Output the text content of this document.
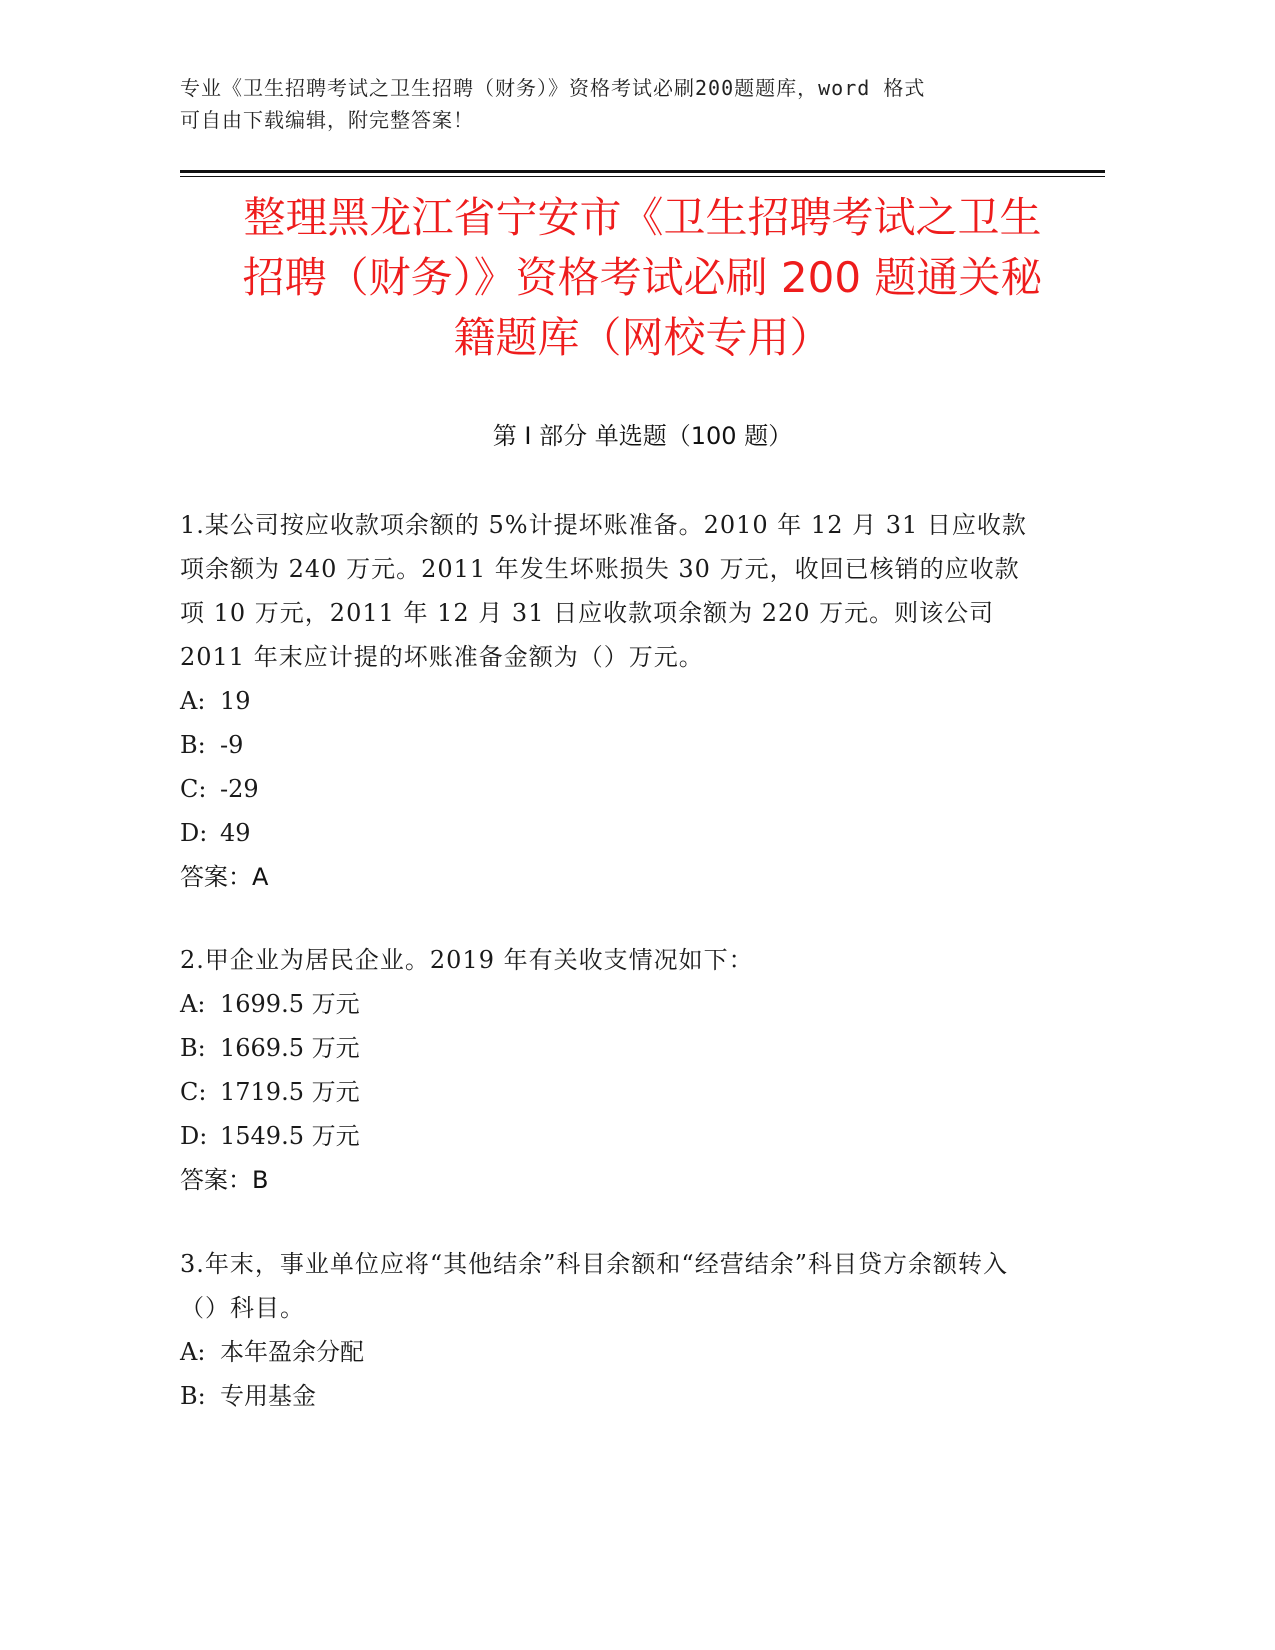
专业《卫生招聘考试之卫生招聘（财务）》资格考试必刷200题题库，word 格式
可自由下载编辑，附完整答案！
整理黑龙江省宁安市《卫生招聘考试之卫生
招聘（财务）》资格考试必刷 200 题通关秘
籍题库（网校专用）
第 I 部分 单选题（100 题）

1.某公司按应收款项余额的 5%计提坏账准备。2010 年 12 月 31 日应收款项余额为 240 万元。2011 年发生坏账损失 30 万元，收回已核销的应收款项 10 万元，2011 年 12 月 31 日应收款项余额为 220 万元。则该公司 2011 年末应计提的坏账准备金额为（）万元。

A: 19
B: -9
C: -29
D: 49
答案：A

2.甲企业为居民企业。2019 年有关收支情况如下：

A: 1699.5 万元
B: 1669.5 万元
C: 1719.5 万元
D: 1549.5 万元
答案：B

3.年末，事业单位应将“其他结余”科目余额和“经营结余”科目贷方余额转入（）科目。

A: 本年盈余分配
B: 专用基金
